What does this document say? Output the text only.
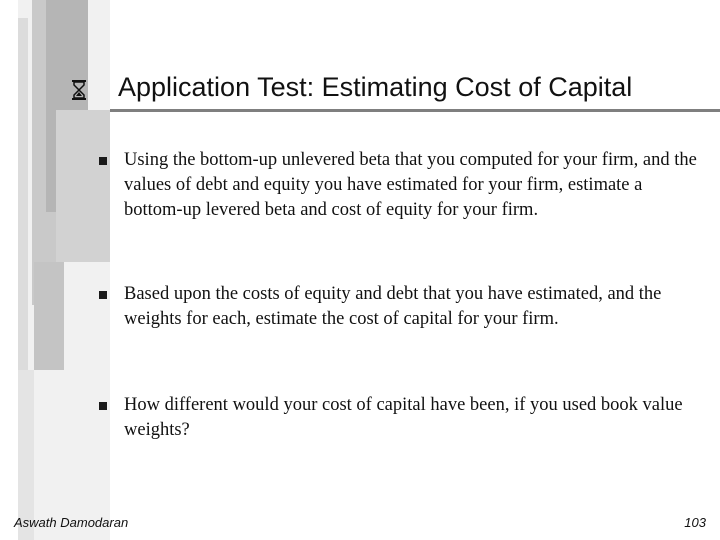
Application Test: Estimating Cost of Capital
Using the bottom-up unlevered beta that you computed for your firm, and the values of debt and equity you have estimated for your firm, estimate a bottom-up levered beta and cost of equity for your firm.
Based upon the costs of equity and debt that you have estimated, and the weights for each, estimate the cost of capital for your firm.
How different would your cost of capital have been, if you used book value weights?
Aswath Damodaran	103
